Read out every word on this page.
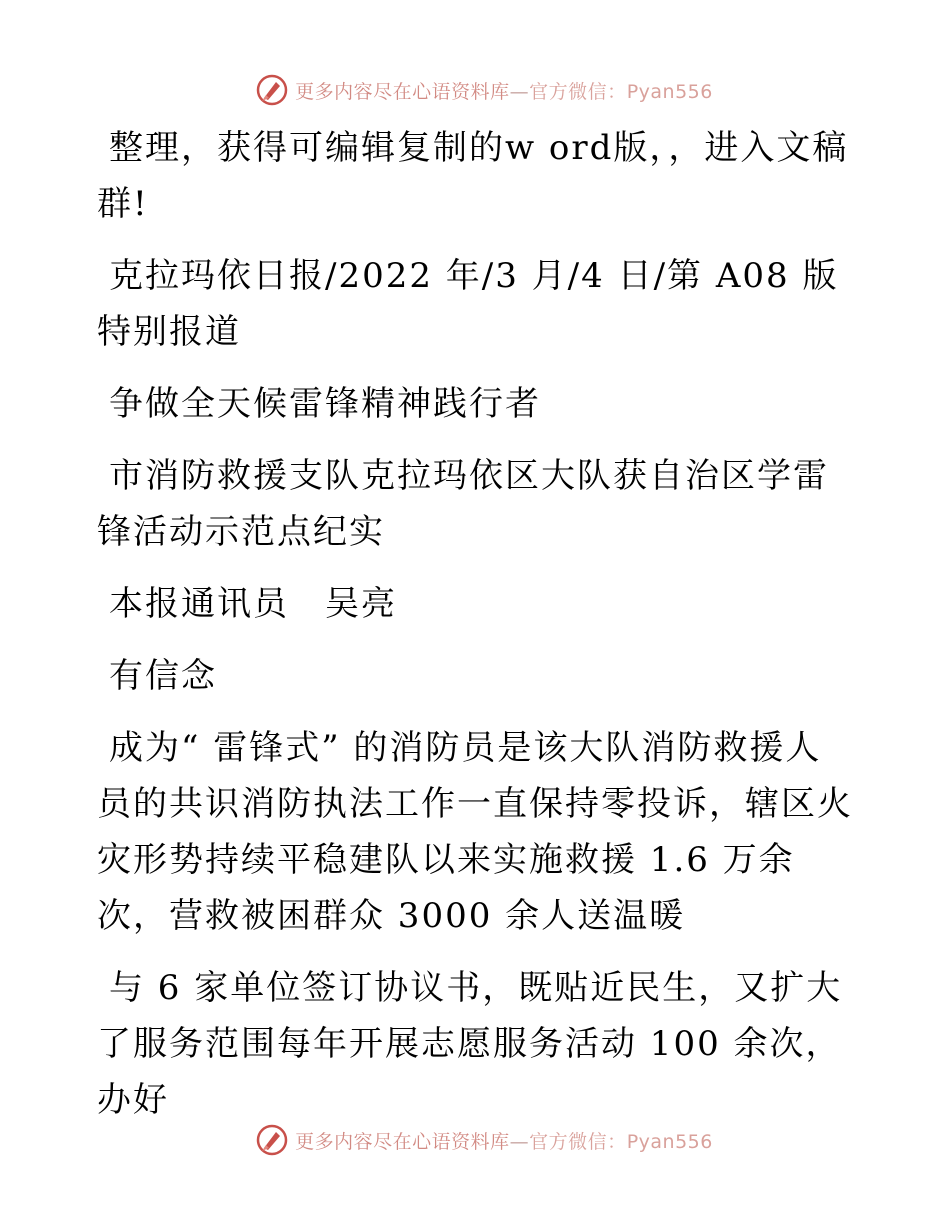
更多内容尽在心语资料库—官方微信：Pyan556

整理，获得可编辑复制的w ord版，，进入文稿群!

克拉玛依日报/2022 年/3 月/4 日/第 A08 版特别报道

争做全天候雷锋精神践行者

市消防救援支队克拉玛依区大队获自治区学雷锋活动示范点纪实

本报通讯员　吴亮

有信念

成为“ 雷锋式” 的消防员是该大队消防救援人员的共识消防执法工作一直保持零投诉，辖区火灾形势持续平稳建队以来实施救援 1.6 万余次，营救被困群众 3000 余人送温暖

与 6 家单位签订协议书，既贴近民生，又扩大了服务范围每年开展志愿服务活动 100 余次，办好

更多内容尽在心语资料库—官方微信：Pyan556
